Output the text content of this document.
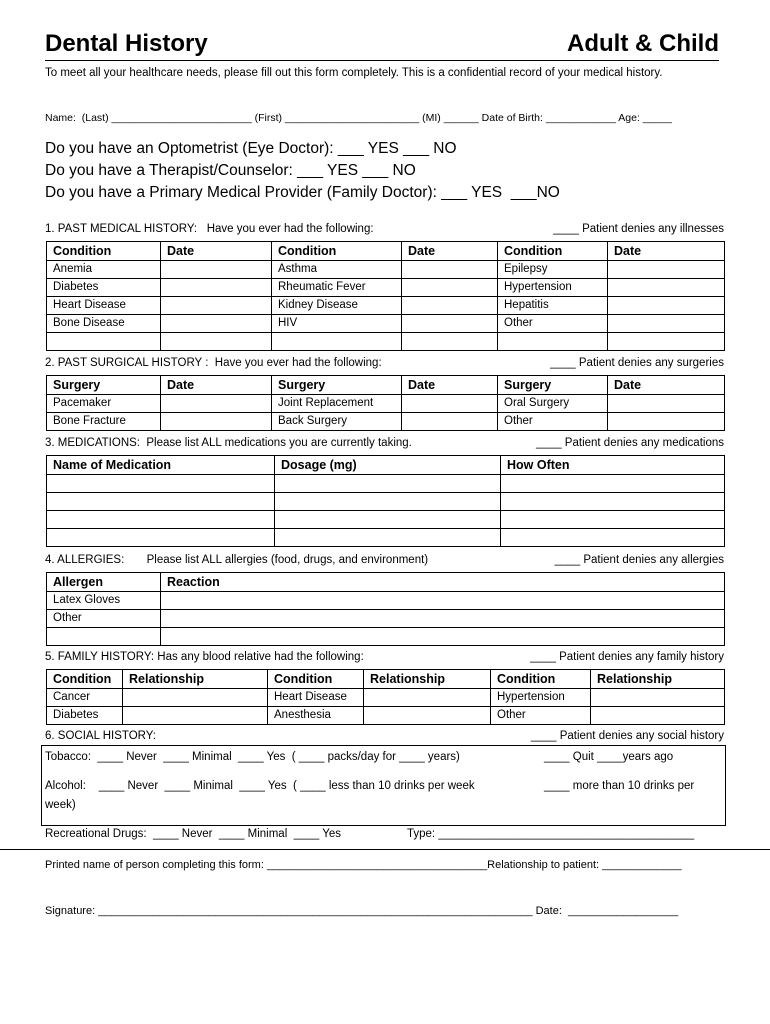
Dental History	Adult & Child
To meet all your healthcare needs, please fill out this form completely. This is a confidential record of your medical history.
Name:  (Last) ________________________ (First) _______________________ (MI) ______ Date of Birth: ____________ Age: _____
Do you have an Optometrist (Eye Doctor): ___ YES ___ NO
Do you have a Therapist/Counselor: ___ YES ___ NO
Do you have a Primary Medical Provider (Family Doctor): ___ YES  ___NO
1. PAST MEDICAL HISTORY:   Have you ever had the following:	____ Patient denies any illnesses
Condition	Date	Condition	Date	Condition	Date
Anemia		Asthma		Epilepsy	
Diabetes		Rheumatic Fever		Hypertension	
Heart Disease		Kidney Disease		Hepatitis	
Bone Disease		HIV		Other	

2. PAST SURGICAL HISTORY :  Have you ever had the following:	____ Patient denies any surgeries
Surgery	Date	Surgery	Date	Surgery	Date
Pacemaker		Joint Replacement		Oral Surgery	
Bone Fracture		Back Surgery		Other	
3. MEDICATIONS:  Please list ALL medications you are currently taking.	____ Patient denies any medications
Name of Medication	Dosage (mg)	How Often

4. ALLERGIES:       Please list ALL allergies (food, drugs, and environment)	____ Patient denies any allergies
Allergen	Reaction
Latex Gloves	
Other	

5. FAMILY HISTORY: Has any blood relative had the following:	____ Patient denies any family history
Condition	Relationship	Condition	Relationship	Condition	Relationship
Cancer		Heart Disease		Hypertension	
Diabetes		Anesthesia		Other	
6. SOCIAL HISTORY:	____ Patient denies any social history
Tobacco:  ____ Never  ____ Minimal  ____ Yes  ( ____ packs/day for ____ years)	____ Quit ____years ago
Alcohol:    ____ Never  ____ Minimal  ____ Yes  ( ____ less than 10 drinks per week	____ more than 10 drinks per
week)
Recreational Drugs:  ____ Never  ____ Minimal  ____ Yes	Type: ________________________________________
Printed name of person completing this form: ____________________________________Relationship to patient: _____________
Signature: _______________________________________________________________________ Date:  __________________
